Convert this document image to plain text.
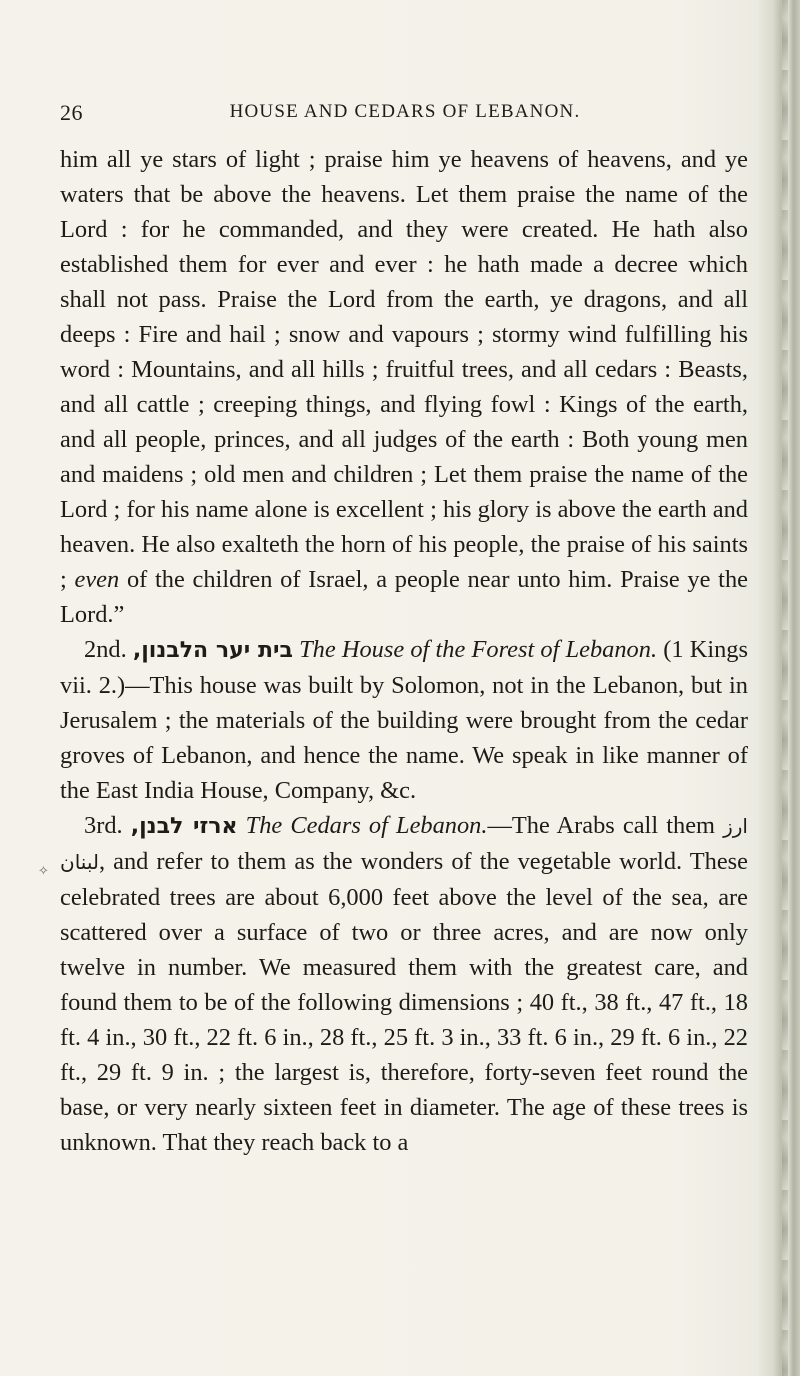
26	HOUSE AND CEDARS OF LEBANON.
✧

him all ye stars of light ; praise him ye heavens of heavens, and ye waters that be above the heavens. Let them praise the name of the Lord : for he commanded, and they were created. He hath also established them for ever and ever : he hath made a decree which shall not pass. Praise the Lord from the earth, ye dragons, and all deeps : Fire and hail ; snow and vapours ; stormy wind fulfilling his word : Mountains, and all hills ; fruitful trees, and all cedars : Beasts, and all cattle ; creeping things, and flying fowl : Kings of the earth, and all people, princes, and all judges of the earth : Both young men and maidens ; old men and children ; Let them praise the name of the Lord ; for his name alone is excellent ; his glory is above the earth and heaven. He also exalteth the horn of his people, the praise of his saints ; even of the children of Israel, a people near unto him. Praise ye the Lord.”

2nd. בית יער הלבנון, The House of the Forest of Lebanon. (1 Kings vii. 2.)—This house was built by Solomon, not in the Lebanon, but in Jerusalem ; the materials of the building were brought from the cedar groves of Lebanon, and hence the name. We speak in like manner of the East India House, Company, &c.

3rd. ארזי לבנן, The Cedars of Lebanon.—The Arabs call them ارز لبنان, and refer to them as the wonders of the vegetable world. These celebrated trees are about 6,000 feet above the level of the sea, are scattered over a surface of two or three acres, and are now only twelve in number. We measured them with the greatest care, and found them to be of the following dimensions ; 40 ft., 38 ft., 47 ft., 18 ft. 4 in., 30 ft., 22 ft. 6 in., 28 ft., 25 ft. 3 in., 33 ft. 6 in., 29 ft. 6 in., 22 ft., 29 ft. 9 in. ; the largest is, therefore, forty-seven feet round the base, or very nearly sixteen feet in diameter. The age of these trees is unknown. That they reach back to a
